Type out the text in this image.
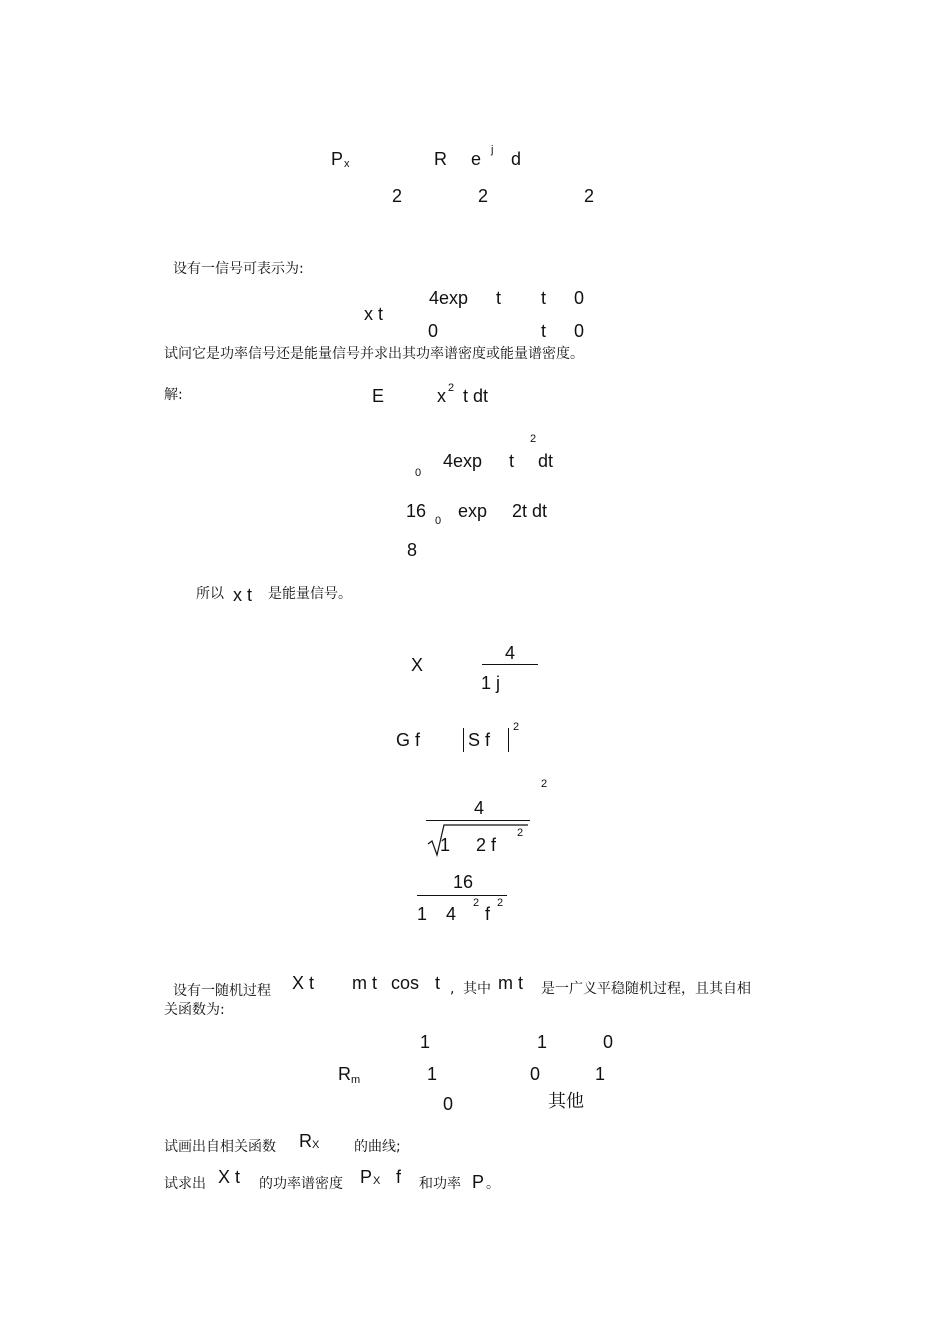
P x	R e j d
2	2	2
设有一信号可表示为:
x t
4exp t t 0
0	t 0
试问它是功率信号还是能量信号并求出其功率谱密度或能量谱密度。
解:	E	x 2 t dt
2
0
4exp t dt
16 0 exp 2t dt
8
所以 x t 是能量信号。
X
4
1 j
G f	S f
2
2
4
1 2 f
2
16
1 4
2
f
2
设有一随机过程 X t m t cos t , 其中 m t 是一广义平稳随机过程，且其自相
关函数为:
1	1	0
R m	1	0	1
0	其他
试画出自相关函数 R X 的曲线;
试求出 X t 的功率谱密度 P X f 和功率 P 。
